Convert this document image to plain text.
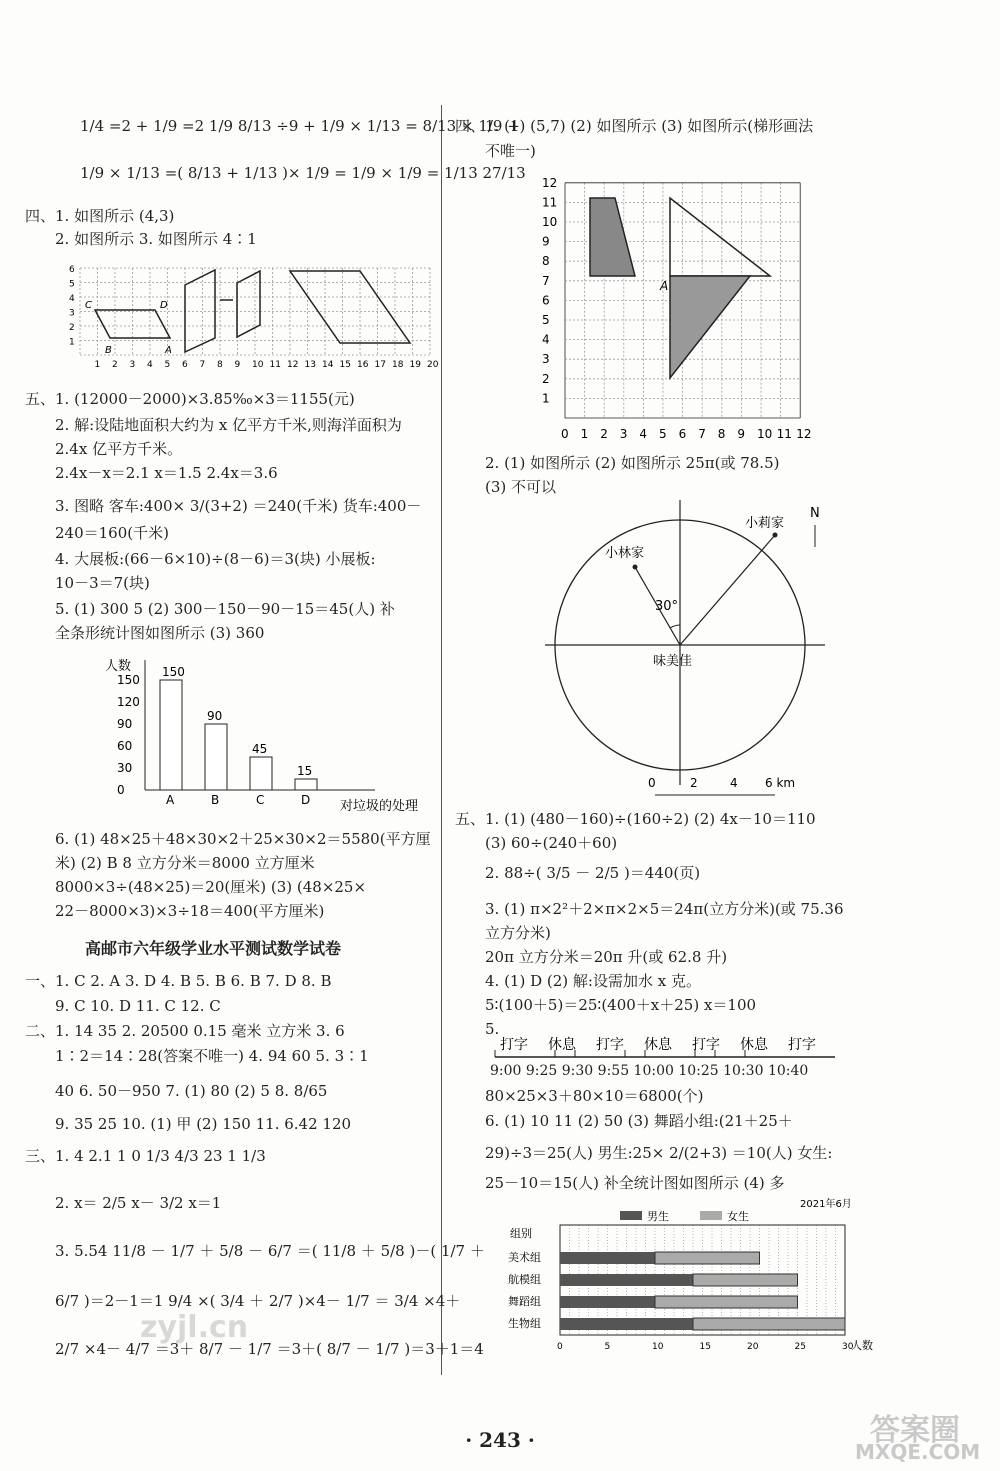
1/4 =2 + 1/9 =2 1/9 8/13 ÷9 + 1/9 × 1/13 = 8/13 × 1/9 +
1/9 × 1/13 =( 8/13 + 1/13 )× 1/9 = 1/9 × 1/9 = 1/13 27/13
四、1. 如图所示 (4,3)
2. 如图所示 3. 如图所示 4∶1
1 2 3 4 5 6 7 8 9 10 11 12 13 14 15 16 17 18 19 20
1
2
3
4
5
6
C	D
B	A
五、1. (12000－2000)×3.85‰×3＝1155(元)
2. 解:设陆地面积大约为 x 亿平方千米,则海洋面积为
2.4x 亿平方千米。
2.4x－x＝2.1 x＝1.5 2.4x＝3.6
3. 图略 客车:400× 3/(3+2) ＝240(千米) 货车:400－
240＝160(千米)
4. 大展板:(66－6×10)÷(8－6)＝3(块) 小展板:
10－3＝7(块)
5. (1) 300 5 (2) 300－150－90－15＝45(人) 补
全条形统计图如图所示 (3) 360
人数
对垃圾的处理
0
30
60
90
120
150
150
A
90
B
45
C
15
D
6. (1) 48×25＋48×30×2＋25×30×2＝5580(平方厘
米) (2) B 8 立方分米＝8000 立方厘米
8000×3÷(48×25)＝20(厘米) (3) (48×25×
22－8000×3)×3÷18＝400(平方厘米)
高邮市六年级学业水平测试数学试卷
一、1. C 2. A 3. D 4. B 5. B 6. B 7. D 8. B
9. C 10. D 11. C 12. C
二、1. 14 35 2. 20500 0.15 毫米 立方米 3. 6
1∶2＝14∶28(答案不唯一) 4. 94 60 5. 3∶1
40 6. 50－950 7. (1) 80 (2) 5 8. 8/65
9. 35 25 10. (1) 甲 (2) 150 11. 6.42 120
三、1. 4 2.1 1 0 1/3 4/3 23 1 1/3
2. x＝ 2/5 x－ 3/2 x＝1
3. 5.54 11/8 － 1/7 ＋ 5/8 － 6/7 ＝( 11/8 ＋ 5/8 )－( 1/7 ＋
6/7 )＝2－1＝1 9/4 ×( 3/4 ＋ 2/7 )×4－ 1/7 ＝ 3/4 ×4＋
2/7 ×4－ 4/7 ＝3＋ 8/7 － 1/7 ＝3＋( 8/7 － 1/7 )＝3＋1＝4
四、1. (1) (5,7) (2) 如图所示 (3) 如图所示(梯形画法
不唯一)
A
0 1
1
2
2
3
3
4
4
5
5
6
6
7
7
8
8
9
9
10
10
11
11
12
12
2. (1) 如图所示 (2) 如图所示 25π(或 78.5)
(3) 不可以
30°
小莉家
小林家
味美佳
N
0	2	4 6 km
五、1. (1) (480－160)÷(160÷2) (2) 4x－10＝110
(3) 60÷(240＋60)
2. 88÷( 3/5 － 2/5 )＝440(页)
3. (1) π×2²＋2×π×2×5＝24π(立方分米)(或 75.36
立方分米)
20π 立方分米＝20π 升(或 62.8 升)
4. (1) D (2) 解:设需加水 x 克。
5∶(100＋5)＝25∶(400＋x＋25) x＝100
5.
打字 休息 打字 休息 打字 休息 打字
9:00 9:25 9:30 9:55 10:00 10:25 10:30 10:40
80×25×3＋80×10＝6800(个)
6. (1) 10 11 (2) 50 (3) 舞蹈小组:(21＋25＋
29)÷3＝25(人) 男生:25× 2/(2+3) ＝10(人) 女生:
25－10＝15(人) 补全统计图如图所示 (4) 多
2021年6月
男生	女生
组别
美术组
航模组
舞蹈组
生物组
0	5	10	15	20	25	30
人数
· 243 ·
zyjl.cn
答案圈
MXQE.COM
